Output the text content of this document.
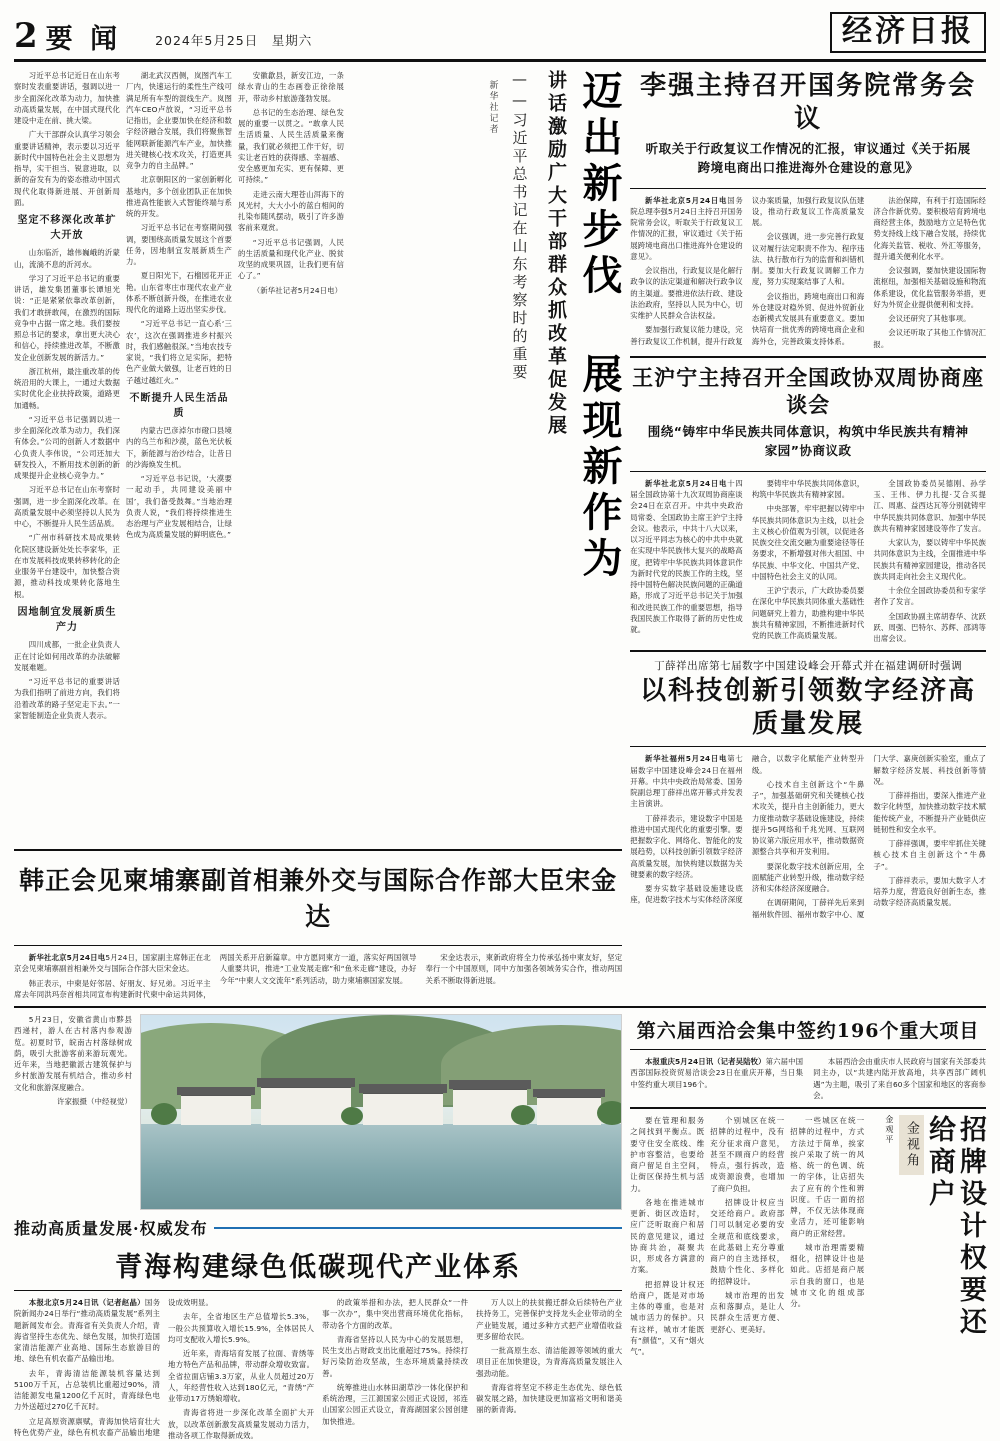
2 要 闻	2024年5月25日　星期六	经济日报

习近平总书记近日在山东考察时发表重要讲话，强调以进一步全面深化改革为动力，加快推动高质量发展，在中国式现代化建设中走在前、挑大梁。

广大干部群众认真学习领会重要讲话精神，表示要以习近平新时代中国特色社会主义思想为指导，实干担当、锐意进取，以新的奋发有为的姿态推动中国式现代化取得新进展、开创新局面。

坚定不移深化改革扩大开放

山东临沂，雄伟巍峨的沂蒙山，流淌不息的沂河水。

学习了习近平总书记的重要讲话，雄发集团董事长谭旭光说：“正是紧紧依靠改革创新，我们才敢拼敢闯，在激烈的国际竞争中占据一席之地。我们要按照总书记的要求，拿出更大决心和信心，持续推进改革，不断激发企业创新发展的新活力。”

浙江杭州，最注重改革的传统沿用的大课上，一通过大数据实时优化企业扶持政策，道路更加通畅。

“习近平总书记强调以进一步全面深化改革为动力，我们深有体会。”公司的创新人才数据中心负责人李伟说，“公司还加大研发投入，不断用技术创新的新成果提升企业核心竞争力。”

习近平总书记在山东考察时强调，进一步全面深化改革。在高质量发展中必须坚持以人民为中心，不断提升人民生活品质。

“广州市科研技术局成果转化院区建设新处处长李家华，正在市发展科技成果转移转化的企业服务平台建设中，加快整合资源，推动科技成果转化落地生根。

因地制宜发展新质生产力

四川成都，一批企业负责人正在讨论如何用改革的办法破解发展难题。

“习近平总书记的重要讲话为我们指明了前进方向，我们将沿着改革的路子坚定走下去。”一家智能制造企业负责人表示。

湖北武汉西侧，岚图汽车工厂内，快速运行的柔性生产线可满足所有车型的混线生产。岚图汽车CEO卢放说，“习近平总书记指出，企业要加快在经济和数字经济融合发展，我们将聚焦智能网联新能源汽车产业，加快推进关键核心技术攻关，打造更具竞争力的自主品牌。”

北京朝阳区的一家创新孵化基地内，多个创业团队正在加快推进高性能嵌入式智能终端与系统的开发。

习近平总书记在考察期间强调，要围绕高质量发展这个首要任务，因地制宜发展新质生产力。

夏日阳光下，石榴园花开正艳。山东省枣庄市现代农业产业体系不断创新升级，在推进农业现代化的道路上迈出坚实步伐。

“习近平总书记一直心系‘三农’，这次在强调推进乡村振兴时，我们感触很深。”当地农技专家说，“我们将立足实际，把特色产业做大做强，让老百姓的日子越过越红火。”

不断提升人民生活品质

内蒙古巴彦淖尔市磴口县境内的乌兰布和沙漠，蓝色光伏板下，新能源与治沙结合，让昔日的沙海焕发生机。

“习近平总书记说，‘大漠要一起动手，共同建设美丽中国’，我们备受鼓舞。”当地治理负责人说，“我们将持续推进生态治理与产业发展相结合，让绿色成为高质量发展的鲜明底色。”

安徽歙县，新安江边，一条绿水青山的生态画卷正徐徐展开，带动乡村旅游蓬勃发展。

总书记的生态治理、绿色发展的重要一以贯之。“敢拿人民生活质量、人民生活质量来衡量，我们就必须把工作干好，切实让老百姓的获得感、幸福感、安全感更加充实、更有保障、更可持续。”

走进云南大理苍山洱海下的风光村，大大小小的蓝白相间的扎染布随风摆动，吸引了许多游客前来观赏。

“习近平总书记强调，人民的生活质量和现代化产业、脱贫攻坚的成果巩固，让我们更有信心了。”

（新华社记者5月24日电）	迈出新步伐 展现新作为
讲话激励广大干部群众抓改革促发展
——习近平总书记在山东考察时的重要
新华社记者
韩正会见柬埔寨副首相兼外交与国际合作部大臣宋金达

新华社北京5月24日电5月24日，国家副主席韩正在北京会见柬埔寨副首相兼外交与国际合作部大臣宋金达。

韩正表示，中柬是好邻居、好朋友、好兄弟。习近平主席去年同洪玛奈首相共同宣布构建新时代柬中命运共同体，两国关系开启新篇章。中方愿同柬方一道，落实好两国领导人重要共识，推进“工业发展走廊”和“鱼米走廊”建设，办好今年“中柬人文交流年”系列活动，助力柬埔寨国家发展。

宋金达表示，柬新政府将全力传承弘扬中柬友好，坚定奉行一个中国原则，同中方加强各领域务实合作，推动两国关系不断取得新进展。

李强主持召开国务院常务会议
听取关于行政复议工作情况的汇报，审议通过《关于拓展跨境电商出口推进海外仓建设的意见》

新华社北京5月24日电国务院总理李强5月24日主持召开国务院常务会议，听取关于行政复议工作情况的汇报，审议通过《关于拓展跨境电商出口推进海外仓建设的意见》。

会议指出，行政复议是化解行政争议的法定渠道和解决行政争议的主渠道。要推进依法行政、建设法治政府，坚持以人民为中心，切实维护人民群众合法权益。

要加强行政复议能力建设，完善行政复议工作机制，提升行政复议办案质量，加强行政复议队伍建设，推动行政复议工作高质量发展。

会议强调，进一步完善行政复议对履行法定职责不作为、程序违法、执行散布行为的监督和纠错机制。要加大行政复议调解工作力度，努力实现案结事了人和。

会议指出，跨境电商出口和海外仓建设对稳外贸、促进外贸新业态新模式发展具有重要意义。要加快培育一批优秀的跨境电商企业和海外仓，完善政策支持体系。

法治保障，有利于打造国际经济合作新优势。要积极培育跨境电商经营主体，鼓励地方立足特色优势支持线上线下融合发展，持续优化海关监管、税收、外汇等服务，提升通关便利化水平。

会议强调，要加快建设国际物流枢纽，加强相关基础设施和物流体系建设，优化监管服务举措，更好为外贸企业提供便利和支持。

会议还研究了其他事项。

会议还听取了其他工作情况汇报。

王沪宁主持召开全国政协双周协商座谈会
围绕“铸牢中华民族共同体意识，构筑中华民族共有精神家园”协商议政

新华社北京5月24日电十四届全国政协第十九次双周协商座谈会24日在京召开。中共中央政治局常委、全国政协主席王沪宁主持会议。他表示，中共十八大以来，以习近平同志为核心的中共中央就在实现中华民族伟大复兴的战略高度，把铸牢中华民族共同体意识作为新时代党的民族工作的主线，坚持中国特色解决民族问题的正确道路，形成了习近平总书记关于加强和改进民族工作的重要思想，指导我国民族工作取得了新的历史性成就。

要铸牢中华民族共同体意识，构筑中华民族共有精神家园。

中央部署，牢牢把握以铸牢中华民族共同体意识为主线，以社会主义核心价值观为引领，以促进各民族交往交流交融为重要途径等任务要求，不断增强对伟大祖国、中华民族、中华文化、中国共产党、中国特色社会主义的认同。

王沪宁表示，广大政协委员要在深化中华民族共同体重大基础性问题研究上着力，助推构建中华民族共有精神家园，不断推进新时代党的民族工作高质量发展。

全国政协委员吴德刚、孙学玉、王伟、伊力扎提·艾合买提江、周惠、益西达瓦等分别就铸牢中华民族共同体意识、加强中华民族共有精神家园建设等作了发言。

大家认为，要以铸牢中华民族共同体意识为主线，全面推进中华民族共有精神家园建设，推动各民族共同走向社会主义现代化。

十余位全国政协委员和专家学者作了发言。

全国政协副主席胡春华、沈跃跃、周强、巴特尔、苏辉、邵鸿等出席会议。

丁薛祥出席第七届数字中国建设峰会开幕式并在福建调研时强调
以科技创新引领数字经济高质量发展

新华社福州5月24日电第七届数字中国建设峰会24日在福州开幕。中共中央政治局常委、国务院副总理丁薛祥出席开幕式并发表主旨演讲。

丁薛祥表示，建设数字中国是推进中国式现代化的重要引擎。要把握数字化、网络化、智能化的发展趋势，以科技创新引领数字经济高质量发展，加快构建以数据为关键要素的数字经济。

要夯实数字基础设施建设底座，促进数字技术与实体经济深度融合，以数字化赋能产业转型升级。

心技术自主创新这个“牛鼻子”，加强基础研究和关键核心技术攻关，提升自主创新能力，更大力度推动数字基础设施建设，持续提升5G网络和千兆光网、互联网协议第六版应用水平，推动数据资源整合共享和开发利用。

要深化数字技术创新应用，全面赋能产业转型升级，推动数字经济和实体经济深度融合。

在调研期间，丁薛祥先后来到福州软件园、福州市数字中心、厦门大学、嘉庚创新实验室，重点了解数字经济发展、科技创新等情况。

丁薛祥指出，要深入推进产业数字化转型，加快推动数字技术赋能传统产业，不断提升产业链供应链韧性和安全水平。

丁薛祥强调，要牢牢抓住关键核心技术自主创新这个“牛鼻子”。

丁薛祥表示，要加大数字人才培养力度，营造良好创新生态，推动数字经济高质量发展。

5月23日，安徽省黄山市黟县西递村，游人在古村落内参观游览。初夏时节，皖南古村落绿树成荫，吸引大批游客前来游玩观光。近年来，当地把徽派古建筑保护与乡村旅游发展有机结合，推动乡村文化和旅游深度融合。

许家振摄（中经视觉）

推动高质量发展·权威发布
青海构建绿色低碳现代产业体系

本报北京5月24日讯（记者赵晶）国务院新闻办24日举行“推动高质量发展”系列主题新闻发布会。青海省有关负责人介绍，青海省坚持生态优先、绿色发展，加快打造国家清洁能源产业高地、国际生态旅游目的地、绿色有机农畜产品输出地。

去年，青海清洁能源装机容量达到5100万千瓦，占总装机比重超过90%，清洁能源发电量1200亿千瓦时，青海绿色电力外送超过270亿千瓦时。

立足高原资源禀赋，青海加快培育壮大特色优势产业，绿色有机农畜产品输出地建设成效明显。

去年，全省地区生产总值增长5.3%，一般公共预算收入增长15.9%，全体居民人均可支配收入增长5.9%。

近年来，青海培育发展了拉面、青绣等地方特色产品和品牌，带动群众增收致富。全省拉面店铺3.3万家，从业人员超过20万人，年经营性收入达到180亿元，“青绣”产业带动17万绣娘增收。

青海省将进一步深化改革全面扩大开放，以改革创新激发高质量发展动力活力，推动各项工作取得新成效。

的政策举措和办法，把人民群众“一件事一次办”，集中突出营商环境优化指标，带动各个方面的改革。

青海省坚持以人民为中心的发展思想，民生支出占财政支出比重超过75%。持续打好污染防治攻坚战，生态环境质量持续改善。

统筹推进山水林田湖草沙一体化保护和系统治理，三江源国家公园正式设园，祁连山国家公园正式设立，青海湖国家公园创建加快推进。

万人以上的扶贫搬迁群众后续特色产业扶持务工，完善保护支持龙头企业带动的全产业链发展，通过多种方式把产业增值收益更多留给农民。

一批高原生态、清洁能源等领域的重大项目正在加快建设，为青海高质量发展注入强劲动能。

青海省将坚定不移走生态优先、绿色低碳发展之路，加快建设更加富裕文明和谐美丽的新青海。

第六届西洽会集中签约196个重大项目

本报重庆5月24日讯（记者吴陆牧）第六届中国西部国际投资贸易洽谈会23日在重庆开幕，当日集中签约重大项目196个。

本届西洽会由重庆市人民政府与国家有关部委共同主办，以“共建内陆开放高地，共享西部广阔机遇”为主题，吸引了来自60多个国家和地区的客商参会。

要在管理和服务之间找到平衡点。既要守住安全底线、维护市容整洁，也要给商户留足自主空间，让街区保持生机与活力。

各地在推进城市更新、街区改造时，应广泛听取商户和居民的意见建议，通过协商共治，凝聚共识，形成各方满意的方案。

把招牌设计权还给商户，既是对市场主体的尊重，也是对城市活力的保护。只有这样，城市才能既有“颜值”，又有“烟火气”。

个别城区在统一招牌的过程中，没有充分征求商户意见，甚至不顾商户的经营特点，强行拆改，造成资源浪费，也增加了商户负担。

招牌设计权应当交还给商户。政府部门可以制定必要的安全规范和底线要求，在此基础上充分尊重商户的自主选择权，鼓励个性化、多样化的招牌设计。

城市治理的出发点和落脚点，是让人民群众生活更方便、更舒心、更美好。

一些城区在统一招牌的过程中，方式方法过于简单，挨家挨户采取了统一的风格、统一的色调、统一的字体，让店招失去了应有的个性和辨识度。千店一面的招牌，不仅无法体现商业活力，还可能影响商户的正常经营。

城市治理需要精细化，招牌设计也是如此。店招是商户展示自我的窗口，也是城市文化的组成部分。	招牌设计权要还给商户
金视角
金观平
